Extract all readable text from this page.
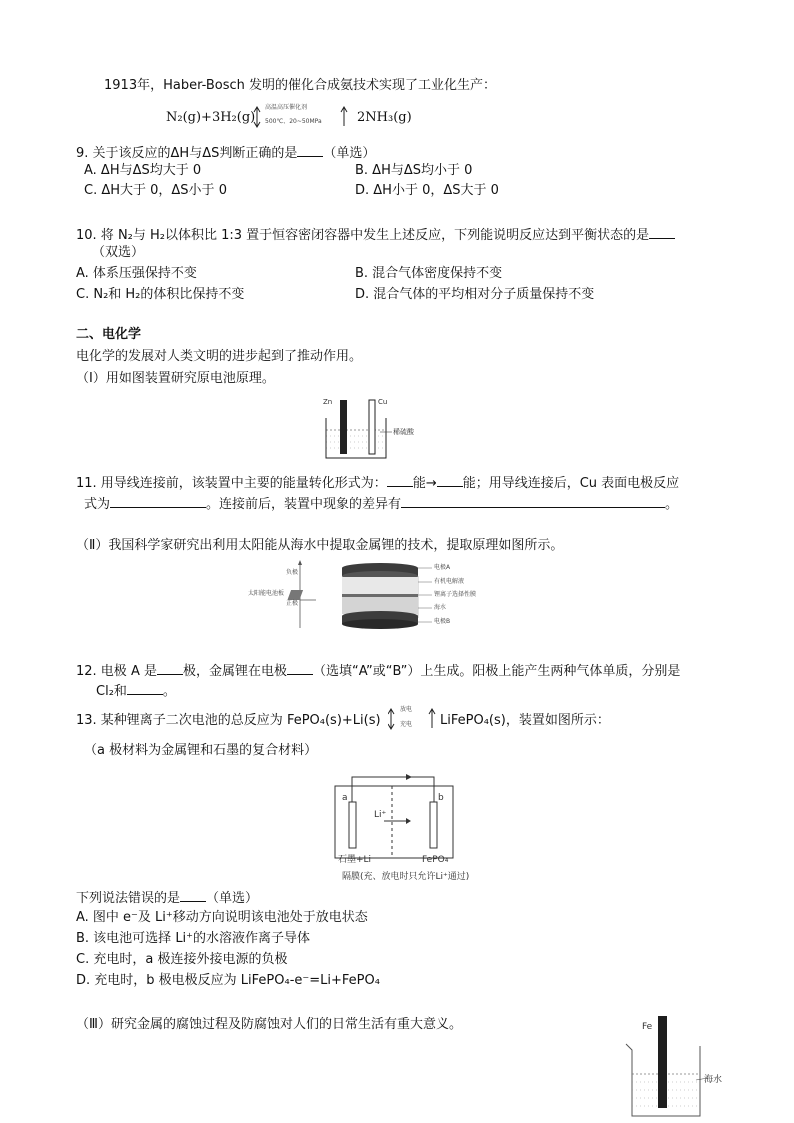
1913年，Haber-Bosch 发明的催化合成氨技术实现了工业化生产：
N₂(g)+3H₂(g)
高温高压催化剂
500℃、20~50MPa	2NH₃(g)
9. 关于该反应的ΔH与ΔS判断正确的是 （单选）
A. ΔH与ΔS均大于 0	B. ΔH与ΔS均小于 0
C. ΔH大于 0，ΔS小于 0	D. ΔH小于 0，ΔS大于 0
10. 将 N₂与 H₂以体积比 1:3 置于恒容密闭容器中发生上述反应，下列能说明反应达到平衡状态的是
（双选）
A. 体系压强保持不变	B. 混合气体密度保持不变
C. N₂和 H₂的体积比保持不变	D. 混合气体的平均相对分子质量保持不变
二、电化学
电化学的发展对人类文明的进步起到了推动作用。
（Ⅰ）用如图装置研究原电池原理。
Zn	Cu
稀硫酸
11. 用导线连接前，该装置中主要的能量转化形式为： 能→ 能；用导线连接后，Cu 表面电极反应
式为	。连接前后，装置中现象的差异有	。
（Ⅱ）我国科学家研究出利用太阳能从海水中提取金属锂的技术，提取原理如图所示。
负极
太阳能电池板
正极
电极A
有机电解液
锂离子选择性膜
海水
电极B
12. 电极 A 是 极，金属锂在电极 （选填“A”或“B”）上生成。阳极上能产生两种气体单质，分别是
Cl₂和	。
13. 某种锂离子二次电池的总反应为 FePO₄(s)+Li(s)
放电
充电 LiFePO₄(s)，装置如图所示：
（a 极材料为金属锂和石墨的复合材料）
a	b
Li⁺
石墨+Li	FePO₄
隔膜(充、放电时只允许Li⁺通过)
下列说法错误的是 （单选）
A. 图中 e⁻及 Li⁺移动方向说明该电池处于放电状态
B. 该电池可选择 Li⁺的水溶液作离子导体
C. 充电时，a 极连接外接电源的负极
D. 充电时，b 极电极反应为 LiFePO₄-e⁻=Li+FePO₄
（Ⅲ）研究金属的腐蚀过程及防腐蚀对人们的日常生活有重大意义。	Fe
海水
